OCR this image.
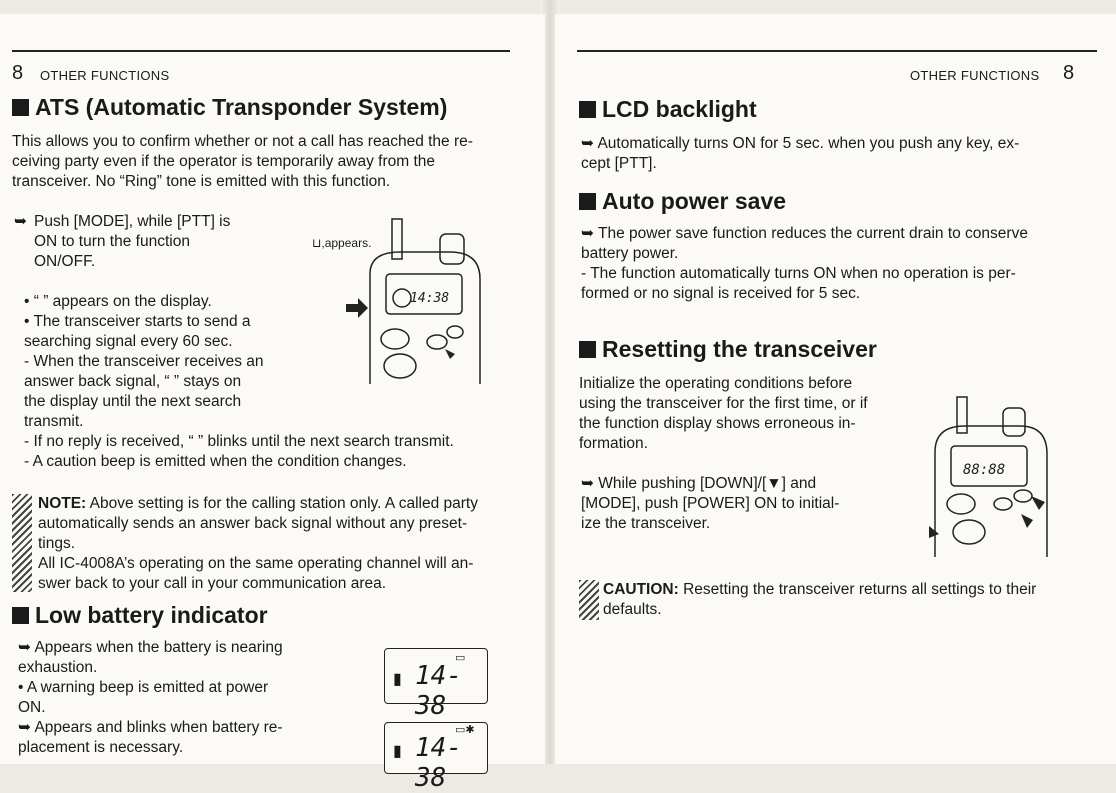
8 OTHER FUNCTIONS
ATS (Automatic Transponder System)
This allows you to confirm whether or not a call has reached the re-
ceiving party even if the operator is temporarily away from the
transceiver. No “Ring” tone is emitted with this function.
➥ Push [MODE], while [PTT] is
ON to turn the function
ON/OFF.
⊔,appears.
14:38
• “ ” appears on the display.
• The transceiver starts to send a
searching signal every 60 sec.
- When the transceiver receives an
answer back signal, “ ” stays on
the display until the next search
transmit.
- If no reply is received, “ ” blinks until the next search transmit.
- A caution beep is emitted when the condition changes.
NOTE: Above setting is for the calling station only. A called party
automatically sends an answer back signal without any preset-
tings.
All IC-4008A’s operating on the same operating channel will an-
swer back to your call in your communication area.
Low battery indicator
➥ Appears when the battery is nearing
exhaustion.
• A warning beep is emitted at power
ON.
➥ Appears and blinks when battery re-
placement is necessary.
▭
▮ 14-38
▭✱
▮ 14-38
OTHER FUNCTIONS 8
LCD backlight
➥ Automatically turns ON for 5 sec. when you push any key, ex-
cept [PTT].
Auto power save
➥ The power save function reduces the current drain to conserve
battery power.
- The function automatically turns ON when no operation is per-
formed or no signal is received for 5 sec.
Resetting the transceiver
Initialize the operating conditions before
using the transceiver for the first time, or if
the function display shows erroneous in-
formation.
➥ While pushing [DOWN]/[▼] and
[MODE], push [POWER] ON to initial-
ize the transceiver.
88:88
CAUTION: Resetting the transceiver returns all settings to their
defaults.
